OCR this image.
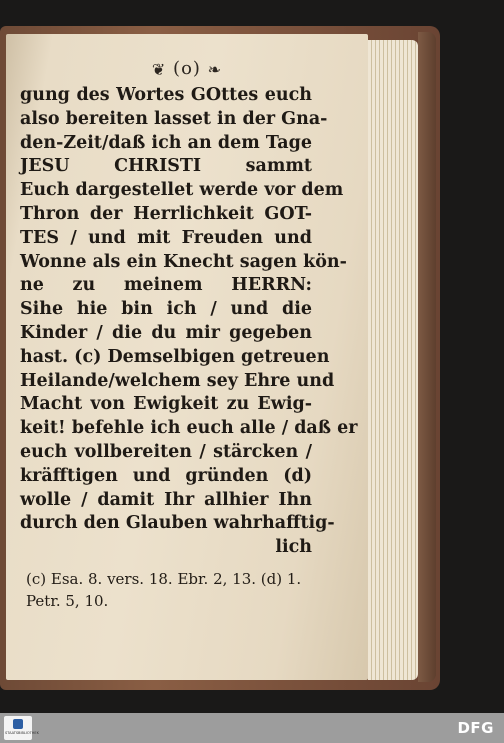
❦ (o) ❧
gung des Wortes GOttes euch
also bereiten lasset in der Gna-
den-Zeit/daß ich an dem Tage
JESU CHRISTI sammt
Euch dargestellet werde vor dem
Thron der Herrlichkeit GOT-
TES / und mit Freuden und
Wonne als ein Knecht sagen kön-
ne zu meinem HERRN:
Sihe hie bin ich / und die
Kinder / die du mir gegeben
hast. (c) Demselbigen getreuen
Heilande/welchem sey Ehre und
Macht von Ewigkeit zu Ewig-
keit! befehle ich euch alle / daß er
euch vollbereiten / stärcken /
kräfftigen und gründen (d)
wolle / damit Ihr allhier Ihn
durch den Glauben wahrhafftig-
lich
(c) Esa. 8. vers. 18. Ebr. 2, 13. (d) 1.
Petr. 5, 10.
STAATSBIBLIOTHEK	DFG
